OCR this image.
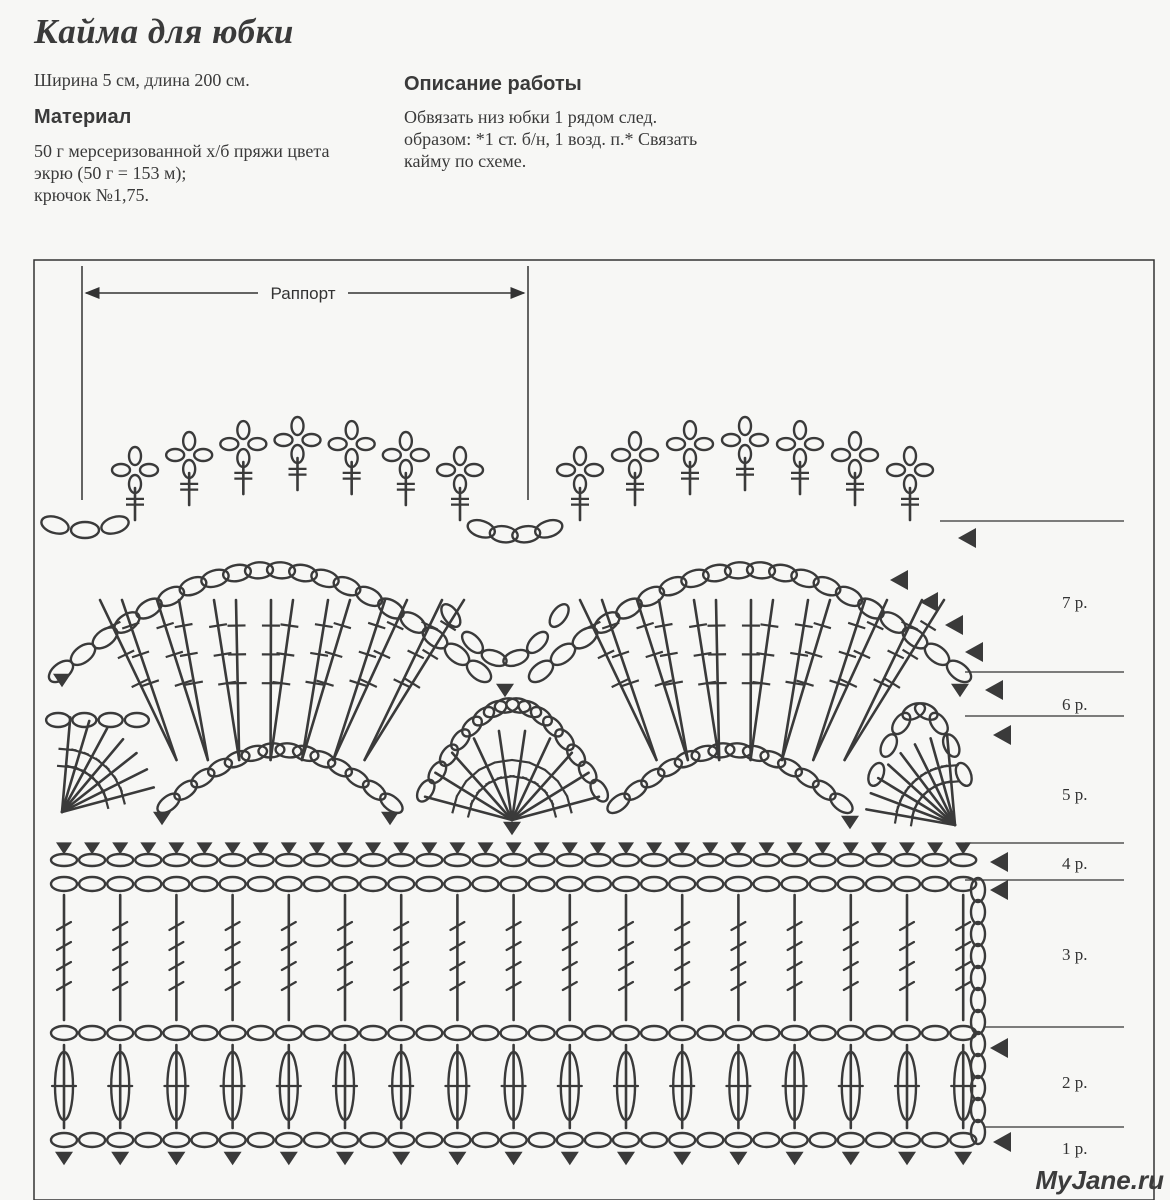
Кайма для юбки
Ширина 5 см, длина 200 см.
Материал
50 г мерсеризованной х/б пряжи цвета
экрю (50 г = 153 м);
крючок №1,75.
Описание работы
Обвязать низ юбки 1 рядом след.
образом: *1 ст. б/н, 1 возд. п.* Связать
кайму по схеме.
Раппорт
1 р.
2 р.
3 р.
4 р.
5 р.
6 р.
7 р.
MyJane.ru
